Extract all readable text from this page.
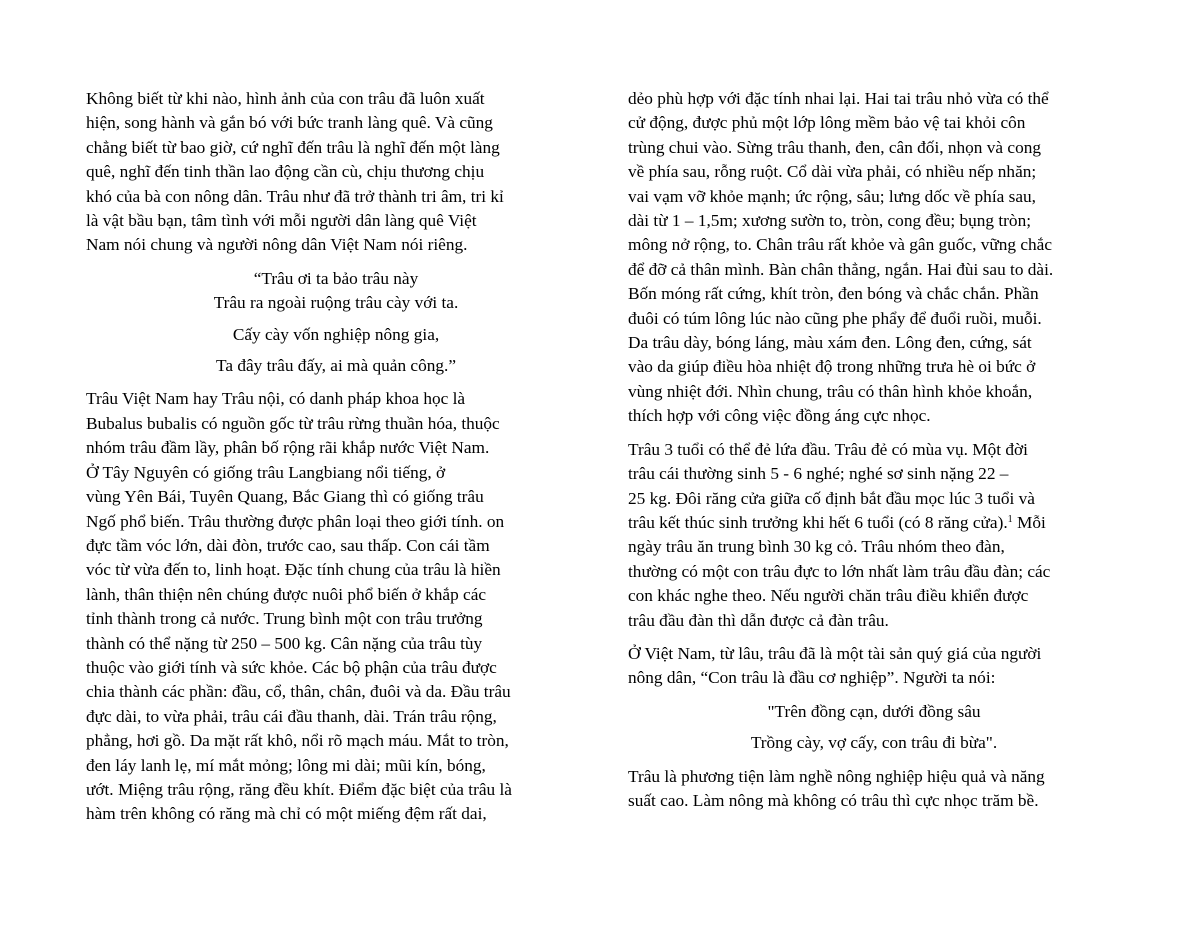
Không biết từ khi nào, hình ảnh của con trâu đã luôn xuất
hiện, song hành và gắn bó với bức tranh làng quê. Và cũng
chẳng biết từ bao giờ, cứ nghĩ đến trâu là nghĩ đến một làng
quê, nghĩ đến tinh thần lao động cần cù, chịu thương chịu
khó của bà con nông dân. Trâu như đã trở thành tri âm, tri kỉ
là vật bầu bạn, tâm tình với mỗi người dân làng quê Việt
Nam nói chung và người nông dân Việt Nam nói riêng.
“Trâu ơi ta bảo trâu này
Trâu ra ngoài ruộng trâu cày với ta.
Cấy cày vốn nghiệp nông gia,
Ta đây trâu đấy, ai mà quản công.”
Trâu Việt Nam hay Trâu nội, có danh pháp khoa học là
Bubalus bubalis có nguồn gốc từ trâu rừng thuần hóa, thuộc
nhóm trâu đầm lầy, phân bố rộng rãi khắp nước Việt Nam.
Ở Tây Nguyên có giống trâu Langbiang nổi tiếng, ở
vùng Yên Bái, Tuyên Quang, Bắc Giang thì có giống trâu
Ngố phổ biến. Trâu thường được phân loại theo giới tính. on
đực tầm vóc lớn, dài đòn, trước cao, sau thấp. Con cái tầm
vóc từ vừa đến to, linh hoạt. Đặc tính chung của trâu là hiền
lành, thân thiện nên chúng được nuôi phổ biến ở khắp các
tỉnh thành trong cả nước. Trung bình một con trâu trưởng
thành có thể nặng từ 250 – 500 kg. Cân nặng của trâu tùy
thuộc vào giới tính và sức khỏe. Các bộ phận của trâu được
chia thành các phần: đầu, cổ, thân, chân, đuôi và da. Đầu trâu
đực dài, to vừa phải, trâu cái đầu thanh, dài. Trán trâu rộng,
phẳng, hơi gồ. Da mặt rất khô, nổi rõ mạch máu. Mắt to tròn,
đen láy lanh lẹ, mí mắt mỏng; lông mi dài; mũi kín, bóng,
ướt. Miệng trâu rộng, răng đều khít. Điểm đặc biệt của trâu là
hàm trên không có răng mà chỉ có một miếng đệm rất dai,
dẻo phù hợp với đặc tính nhai lại. Hai tai trâu nhỏ vừa có thể
cử động, được phủ một lớp lông mềm bảo vệ tai khỏi côn
trùng chui vào. Sừng trâu thanh, đen, cân đối, nhọn và cong
về phía sau, rỗng ruột. Cổ dài vừa phải, có nhiều nếp nhăn;
vai vạm vỡ khỏe mạnh; ức rộng, sâu; lưng dốc về phía sau,
dài từ 1 – 1,5m; xương sườn to, tròn, cong đều; bụng tròn;
mông nở rộng, to. Chân trâu rất khỏe và gân guốc, vững chắc
để đỡ cả thân mình. Bàn chân thẳng, ngắn. Hai đùi sau to dài.
Bốn móng rất cứng, khít tròn, đen bóng và chắc chắn. Phần
đuôi có túm lông lúc nào cũng phe phẩy để đuổi ruồi, muỗi.
Da trâu dày, bóng láng, màu xám đen. Lông đen, cứng, sát
vào da giúp điều hòa nhiệt độ trong những trưa hè oi bức ở
vùng nhiệt đới. Nhìn chung, trâu có thân hình khỏe khoắn,
thích hợp với công việc đồng áng cực nhọc.
Trâu 3 tuổi có thể đẻ lứa đầu. Trâu đẻ có mùa vụ. Một đời
trâu cái thường sinh 5 - 6 nghé; nghé sơ sinh nặng 22 –
25 kg. Đôi răng cửa giữa cố định bắt đầu mọc lúc 3 tuổi và
trâu kết thúc sinh trưởng khi hết 6 tuổi (có 8 răng cửa).$^1$ Mỗi
ngày trâu ăn trung bình 30 kg cỏ. Trâu nhóm theo đàn,
thường có một con trâu đực to lớn nhất làm trâu đầu đàn; các
con khác nghe theo. Nếu người chăn trâu điều khiển được
trâu đầu đàn thì dẫn được cả đàn trâu.
Ở Việt Nam, từ lâu, trâu đã là một tài sản quý giá của người
nông dân, “Con trâu là đầu cơ nghiệp”. Người ta nói:
"Trên đồng cạn, dưới đồng sâu
Trồng cày, vợ cấy, con trâu đi bừa".
Trâu là phương tiện làm nghề nông nghiệp hiệu quả và năng
suất cao. Làm nông mà không có trâu thì cực nhọc trăm bề.
